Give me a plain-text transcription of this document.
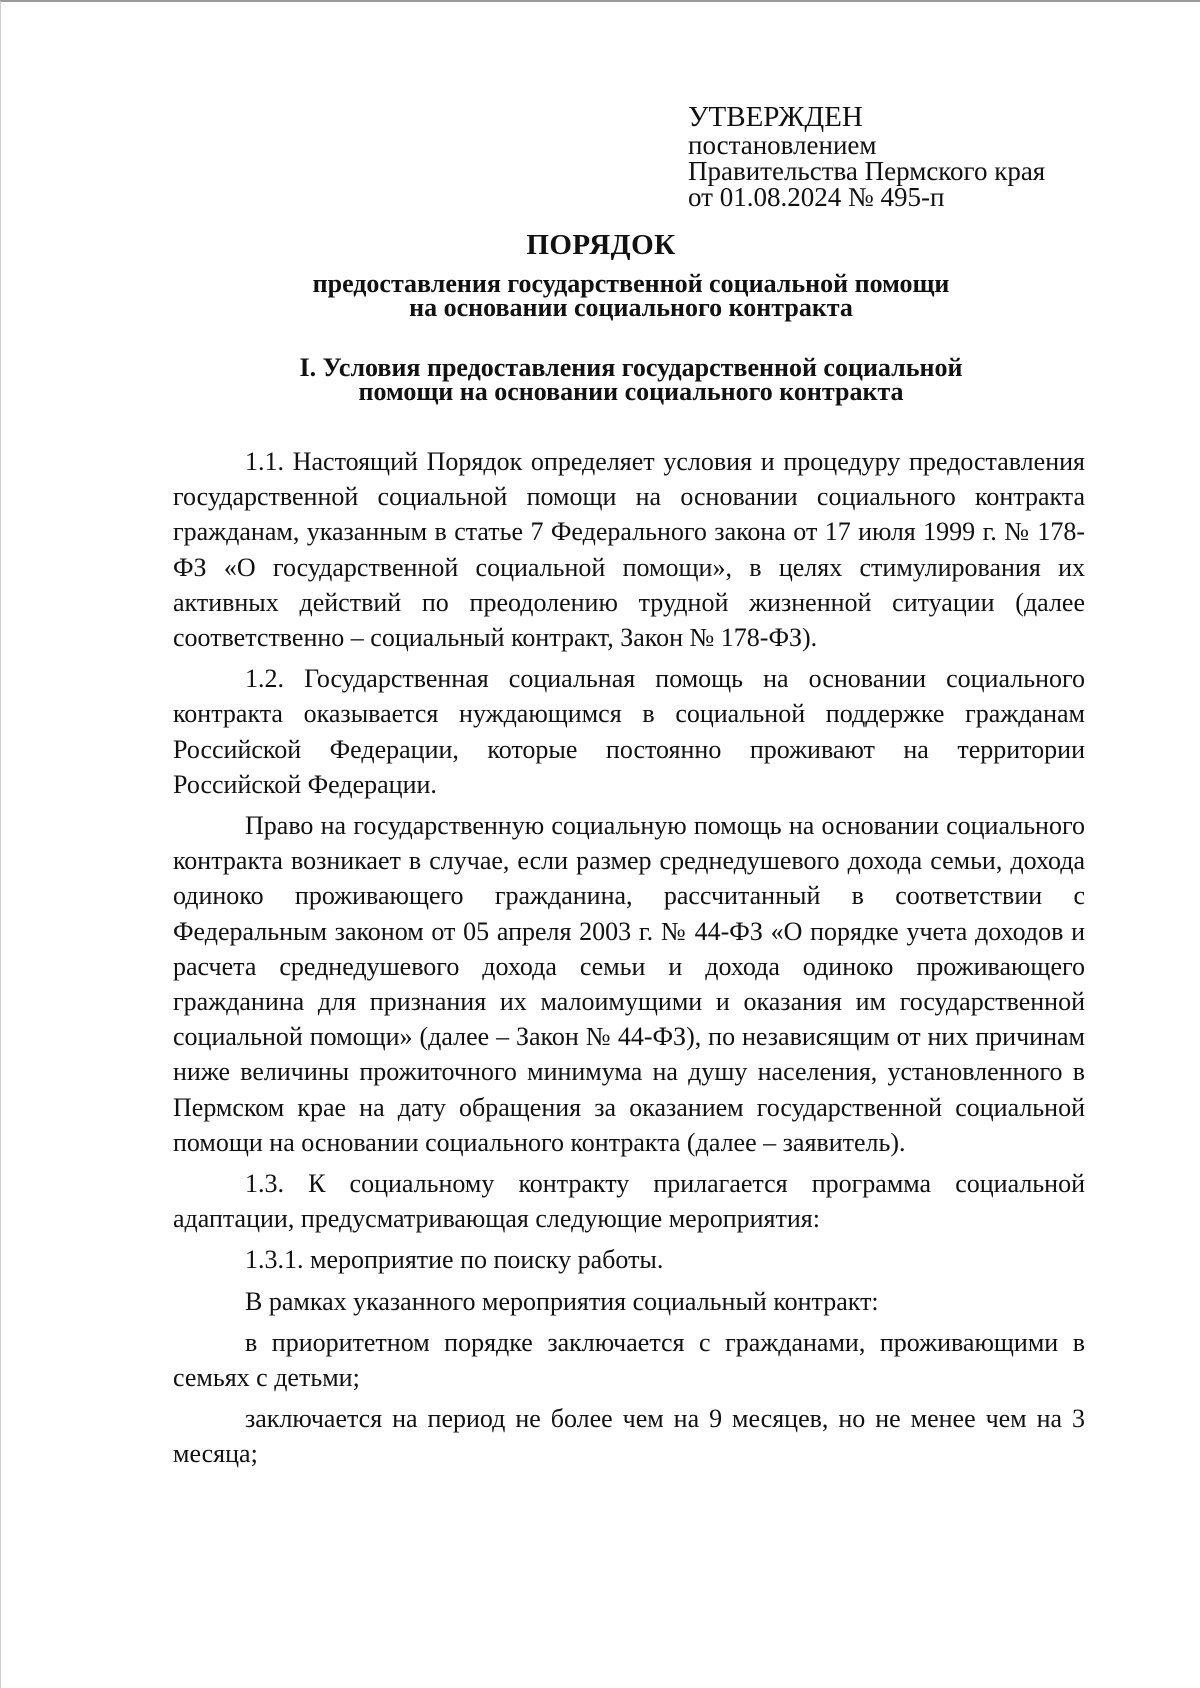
УТВЕРЖДЕН
постановлением
Правительства Пермского края
от 01.08.2024 № 495-п
ПОРЯДОК
предоставления государственной социальной помощи
на основании социального контракта
I. Условия предоставления государственной социальной
помощи на основании социального контракта

1.1. Настоящий Порядок определяет условия и процедуру предоставления государственной социальной помощи на основании социального контракта гражданам, указанным в статье 7 Федерального закона от 17 июля 1999 г. № 178-ФЗ «О государственной социальной помощи», в целях стимулирования их активных действий по преодолению трудной жизненной ситуации (далее соответственно – социальный контракт, Закон № 178-ФЗ).

1.2. Государственная социальная помощь на основании социального контракта оказывается нуждающимся в социальной поддержке гражданам Российской Федерации, которые постоянно проживают на территории Российской Федерации.

Право на государственную социальную помощь на основании социального контракта возникает в случае, если размер среднедушевого дохода семьи, дохода одиноко проживающего гражданина, рассчитанный в соответствии с Федеральным законом от 05 апреля 2003 г. № 44-ФЗ «О порядке учета доходов и расчета среднедушевого дохода семьи и дохода одиноко проживающего гражданина для признания их малоимущими и оказания им государственной социальной помощи» (далее – Закон № 44-ФЗ), по независящим от них причинам ниже величины прожиточного минимума на душу населения, установленного в Пермском крае на дату обращения за оказанием государственной социальной помощи на основании социального контракта (далее – заявитель).

1.3. К социальному контракту прилагается программа социальной адаптации, предусматривающая следующие мероприятия:

1.3.1. мероприятие по поиску работы.

В рамках указанного мероприятия социальный контракт:

в приоритетном порядке заключается с гражданами, проживающими в семьях с детьми;

заключается на период не более чем на 9 месяцев, но не менее чем на 3 месяца;
